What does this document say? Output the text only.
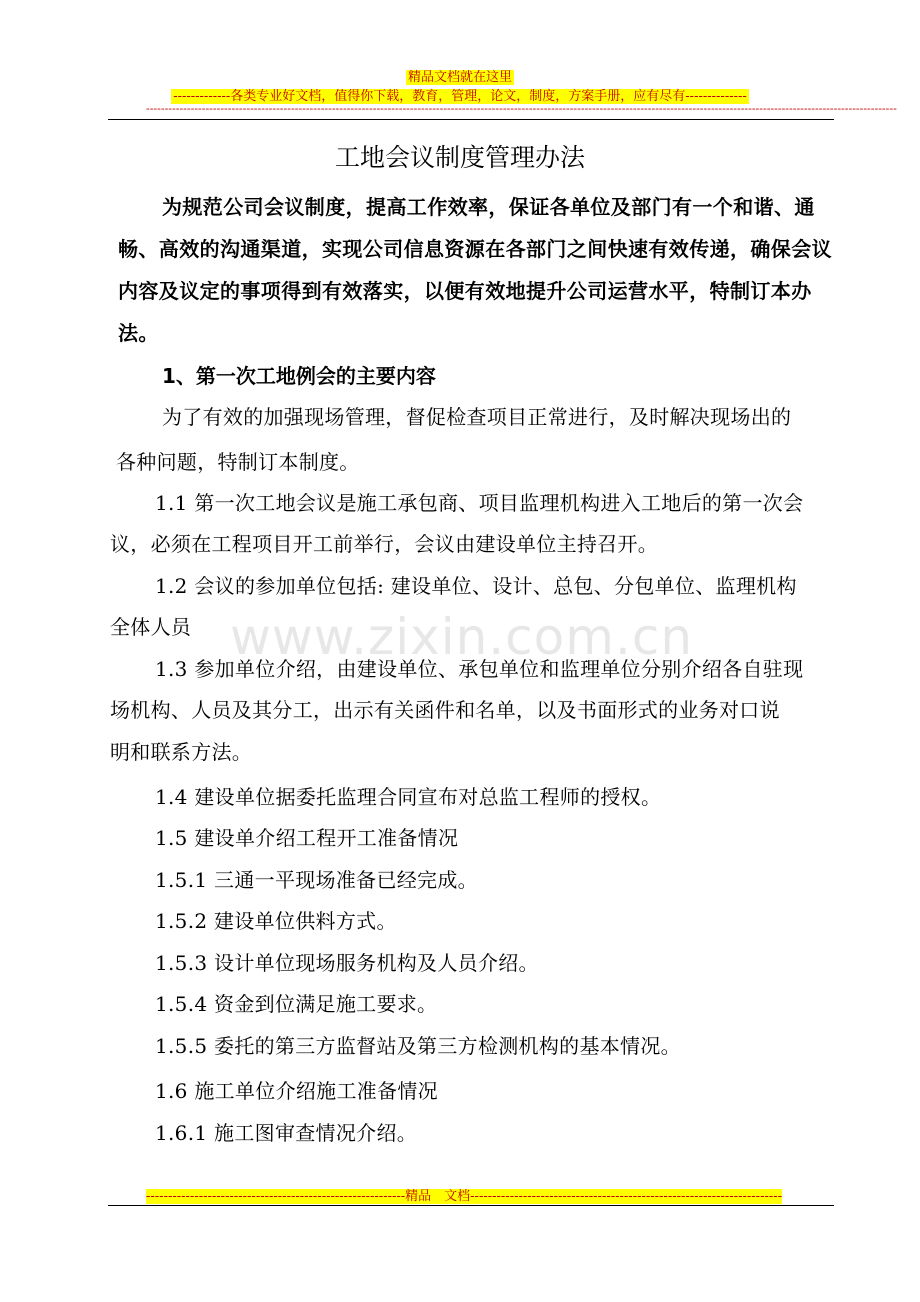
精品文档就在这里
-------------各类专业好文档，值得你下载，教育，管理，论文，制度，方案手册，应有尽有--------------
----------------------------------------------------------------------------------------------------------------------------------------------------------------------------------------------------------
www.zixin.com.cn
工地会议制度管理办法
为规范公司会议制度，提高工作效率，保证各单位及部门有一个和谐、通畅、高效的沟通渠道，实现公司信息资源在各部门之间快速有效传递，确保会议内容及议定的事项得到有效落实，以便有效地提升公司运营水平，特制订本办法。
1、第一次工地例会的主要内容
为了有效的加强现场管理，督促检查项目正常进行，及时解决现场出的
各种问题，特制订本制度。
1.1 第一次工地会议是施工承包商、项目监理机构进入工地后的第一次会
议，必须在工程项目开工前举行，会议由建设单位主持召开。
1.2 会议的参加单位包括: 建设单位、设计、总包、分包单位、监理机构
全体人员
1.3 参加单位介绍，由建设单位、承包单位和监理单位分别介绍各自驻现
场机构、人员及其分工，出示有关函件和名单，以及书面形式的业务对口说
明和联系方法。
1.4 建设单位据委托监理合同宣布对总监工程师的授权。
1.5 建设单介绍工程开工准备情况
1.5.1 三通一平现场准备已经完成。
1.5.2 建设单位供料方式。
1.5.3 设计单位现场服务机构及人员介绍。
1.5.4 资金到位满足施工要求。
1.5.5 委托的第三方监督站及第三方检测机构的基本情况。
1.6 施工单位介绍施工准备情况
1.6.1 施工图审查情况介绍。
-----------------------------------------------------------精品　文档-----------------------------------------------------------------------
